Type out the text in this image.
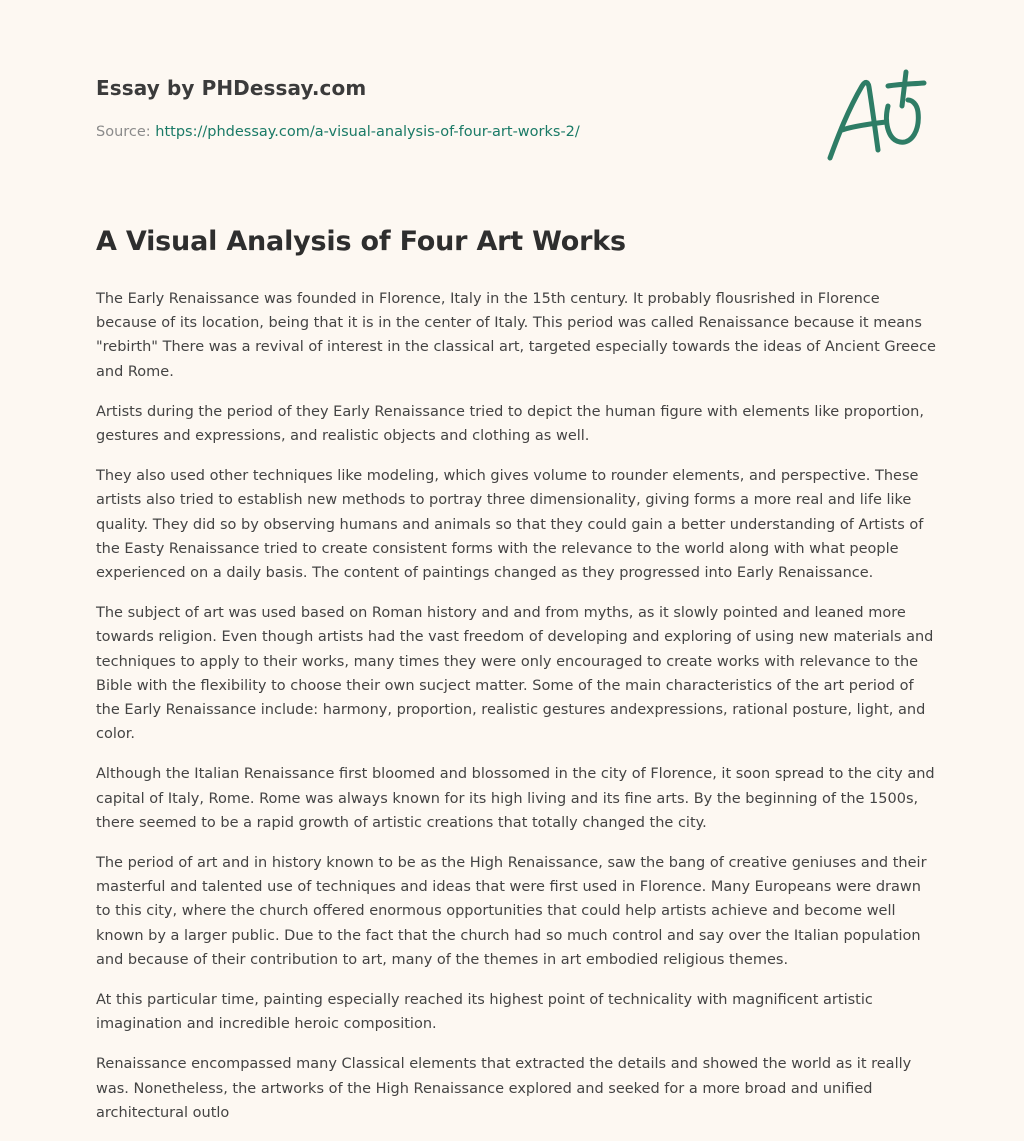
Essay by PHDessay.com
Source: https://phdessay.com/a-visual-analysis-of-four-art-works-2/
A Visual Analysis of Four Art Works

The Early Renaissance was founded in Florence, Italy in the 15th century. It probably flousrished in Florence because of its location, being that it is in the center of Italy. This period was called Renaissance because it means "rebirth" There was a revival of interest in the classical art, targeted especially towards the ideas of Ancient Greece and Rome.

Artists during the period of they Early Renaissance tried to depict the human figure with elements like proportion, gestures and expressions, and realistic objects and clothing as well.

They also used other techniques like modeling, which gives volume to rounder elements, and perspective. These artists also tried to establish new methods to portray three dimensionality, giving forms a more real and life like quality. They did so by observing humans and animals so that they could gain a better understanding of Artists of the Easty Renaissance tried to create consistent forms with the relevance to the world along with what people experienced on a daily basis. The content of paintings changed as they progressed into Early Renaissance.

The subject of art was used based on Roman history and and from myths, as it slowly pointed and leaned more towards religion. Even though artists had the vast freedom of developing and exploring of using new materials and techniques to apply to their works, many times they were only encouraged to create works with relevance to the Bible with the flexibility to choose their own sucject matter. Some of the main characteristics of the art period of the Early Renaissance include: harmony, proportion, realistic gestures andexpressions, rational posture, light, and color.

Although the Italian Renaissance first bloomed and blossomed in the city of Florence, it soon spread to the city and capital of Italy, Rome. Rome was always known for its high living and its fine arts. By the beginning of the 1500s, there seemed to be a rapid growth of artistic creations that totally changed the city.

The period of art and in history known to be as the High Renaissance, saw the bang of creative geniuses and their masterful and talented use of techniques and ideas that were first used in Florence. Many Europeans were drawn to this city, where the church offered enormous opportunities that could help artists achieve and become well known by a larger public. Due to the fact that the church had so much control and say over the Italian population and because of their contribution to art, many of the themes in art embodied religious themes.

At this particular time, painting especially reached its highest point of technicality with magnificent artistic imagination and incredible heroic composition.

Renaissance encompassed many Classical elements that extracted the details and showed the world as it really was. Nonetheless, the artworks of the High Renaissance explored and seeked for a more broad and unified architectural outlo
